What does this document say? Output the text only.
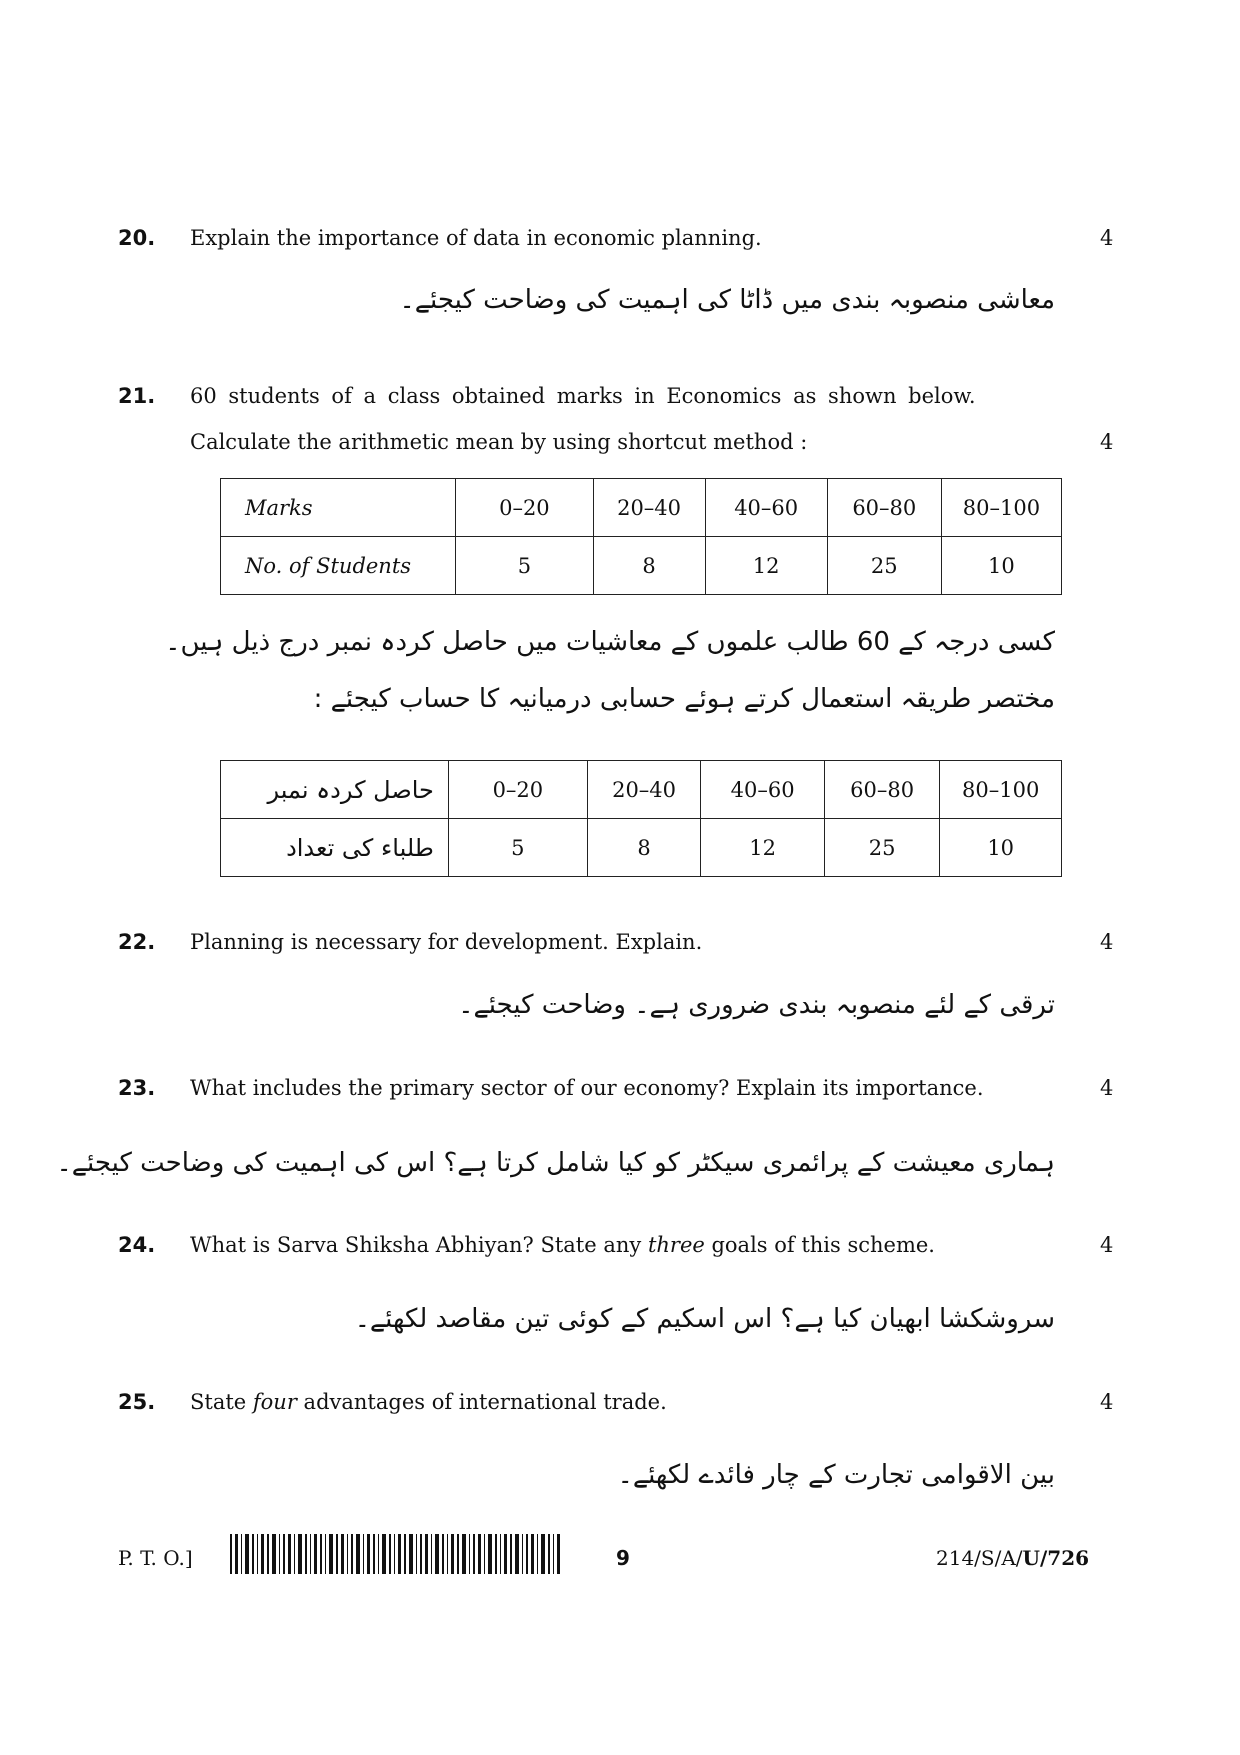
20. Explain the importance of data in economic planning.	4
معاشی منصوبہ بندی میں ڈاٹا کی اہمیت کی وضاحت کیجئے۔
21. 60 students of a class obtained marks in Economics as shown below.
Calculate the arithmetic mean by using shortcut method :	4
Marks	0–20	20–40	40–60	60–80	80–100
No. of Students	5	8	12	25	10
کسی درجہ کے 60 طالب علموں کے معاشیات میں حاصل کردہ نمبر درج ذیل ہیں۔
مختصر طریقہ استعمال کرتے ہوئے حسابی درمیانیہ کا حساب کیجئے :
حاصل کردہ نمبر	0–20	20–40	40–60	60–80	80–100
طلباء کی تعداد	5	8	12	25	10
22. Planning is necessary for development. Explain.	4
ترقی کے لئے منصوبہ بندی ضروری ہے۔ وضاحت کیجئے۔
23. What includes the primary sector of our economy? Explain its importance.	4
ہماری معیشت کے پرائمری سیکٹر کو کیا شامل کرتا ہے؟ اس کی اہمیت کی وضاحت کیجئے۔
24. What is Sarva Shiksha Abhiyan? State any three goals of this scheme.	4
سروشکشا ابھیان کیا ہے؟ اس اسکیم کے کوئی تین مقاصد لکھئے۔
25. State four advantages of international trade.	4
بین الاقوامی تجارت کے چار فائدے لکھئے۔
P. T. O.]	9	214/S/A/U/726
